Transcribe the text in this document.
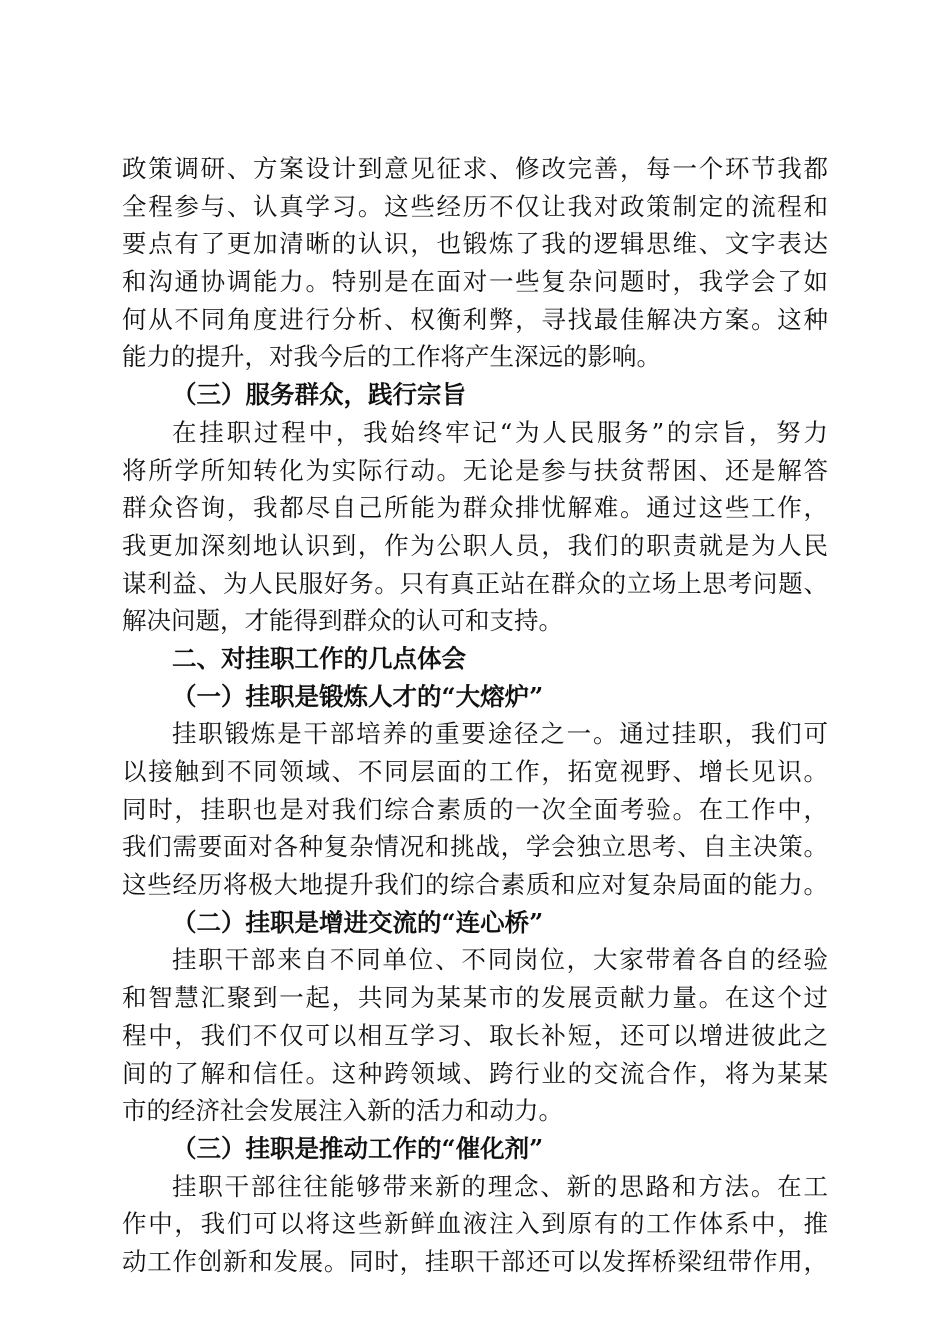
政策调研、方案设计到意见征求、修改完善，每一个环节我都
全程参与、认真学习。这些经历不仅让我对政策制定的流程和
要点有了更加清晰的认识，也锻炼了我的逻辑思维、文字表达
和沟通协调能力。特别是在面对一些复杂问题时，我学会了如
何从不同角度进行分析、权衡利弊，寻找最佳解决方案。这种
能力的提升，对我今后的工作将产生深远的影响。
（三）服务群众，践行宗旨
在挂职过程中，我始终牢记“为人民服务”的宗旨，努力
将所学所知转化为实际行动。无论是参与扶贫帮困、还是解答
群众咨询，我都尽自己所能为群众排忧解难。通过这些工作，
我更加深刻地认识到，作为公职人员，我们的职责就是为人民
谋利益、为人民服好务。只有真正站在群众的立场上思考问题、
解决问题，才能得到群众的认可和支持。
二、对挂职工作的几点体会
（一）挂职是锻炼人才的“大熔炉”
挂职锻炼是干部培养的重要途径之一。通过挂职，我们可
以接触到不同领域、不同层面的工作，拓宽视野、增长见识。
同时，挂职也是对我们综合素质的一次全面考验。在工作中，
我们需要面对各种复杂情况和挑战，学会独立思考、自主决策。
这些经历将极大地提升我们的综合素质和应对复杂局面的能力。
（二）挂职是增进交流的“连心桥”
挂职干部来自不同单位、不同岗位，大家带着各自的经验
和智慧汇聚到一起，共同为某某市的发展贡献力量。在这个过
程中，我们不仅可以相互学习、取长补短，还可以增进彼此之
间的了解和信任。这种跨领域、跨行业的交流合作，将为某某
市的经济社会发展注入新的活力和动力。
（三）挂职是推动工作的“催化剂”
挂职干部往往能够带来新的理念、新的思路和方法。在工
作中，我们可以将这些新鲜血液注入到原有的工作体系中，推
动工作创新和发展。同时，挂职干部还可以发挥桥梁纽带作用，
